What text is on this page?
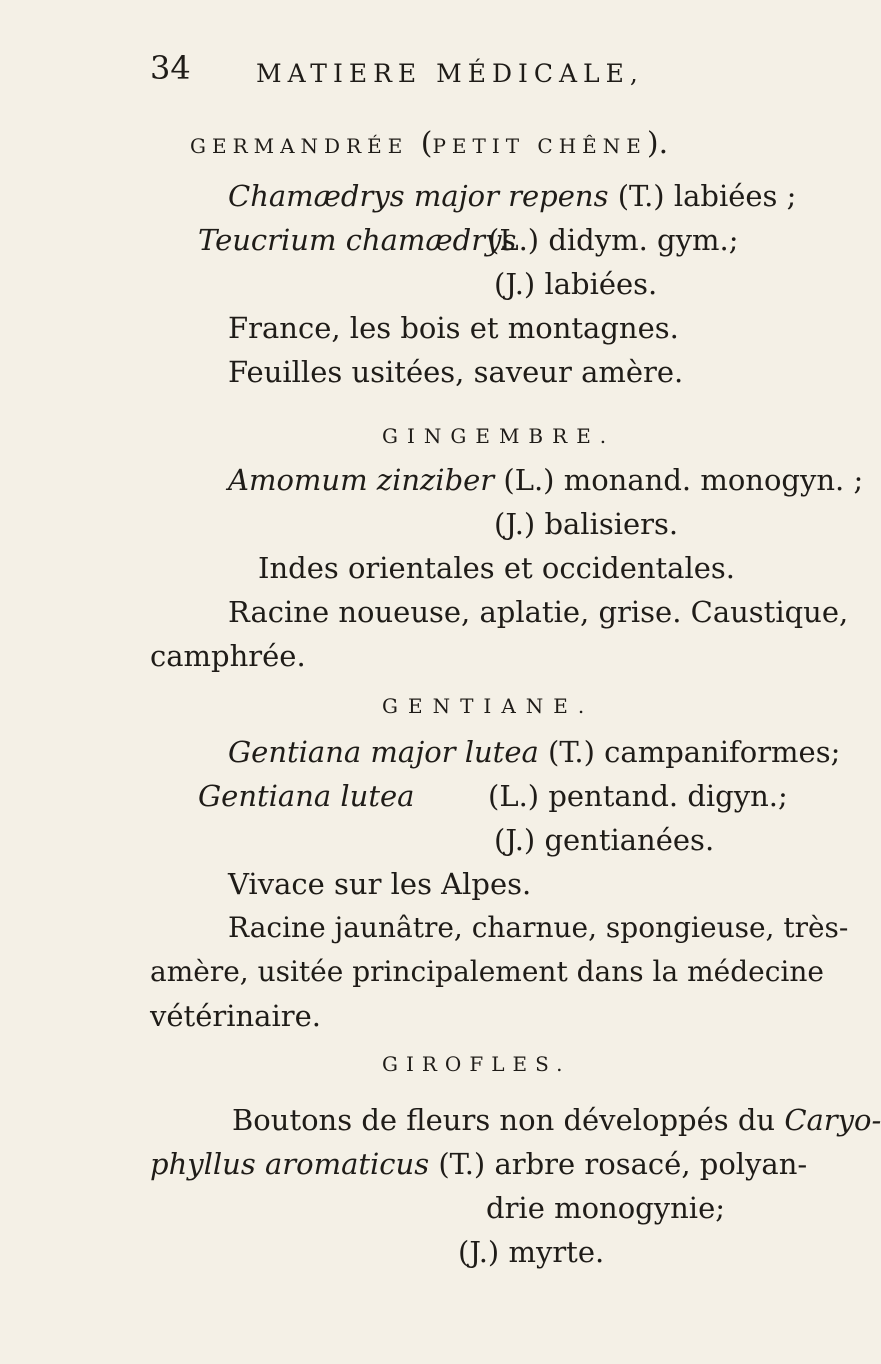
34	MATIERE MÉDICALE,
GERMANDRÉE (PETIT CHÊNE).
Chamædrys major repens (T.) labiées ;
Teucrium chamædrys(L.) didym. gym.;
(J.) labiées.
France, les bois et montagnes.
Feuilles usitées, saveur amère.
GINGEMBRE.
Amomum zinziber (L.) monand. monogyn. ;
(J.) balisiers.
Indes orientales et occidentales.
Racine noueuse, aplatie, grise. Caustique,
camphrée.
GENTIANE.
Gentiana major lutea (T.) campaniformes;
Gentiana lutea	(L.) pentand. digyn.;
(J.) gentianées.
Vivace sur les Alpes.
Racine jaunâtre, charnue, spongieuse, très-
amère, usitée principalement dans la médecine
vétérinaire.
GIROFLES.
Boutons de fleurs non développés du Caryo-
phyllus aromaticus (T.) arbre rosacé, polyan-
drie monogynie;
(J.) myrte.
